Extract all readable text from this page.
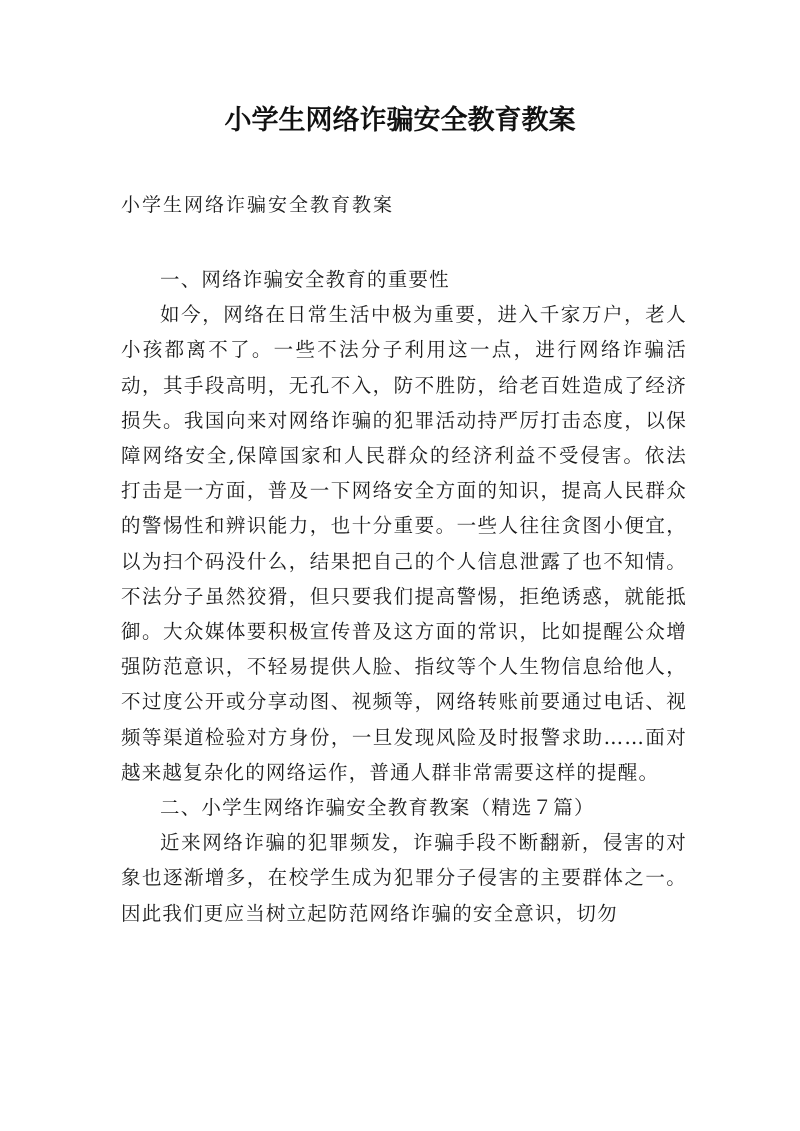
小学生网络诈骗安全教育教案
小学生网络诈骗安全教育教案

一、网络诈骗安全教育的重要性

如今，网络在日常生活中极为重要，进入千家万户，老人小孩都离不了。一些不法分子利用这一点，进行网络诈骗活动，其手段高明，无孔不入，防不胜防，给老百姓造成了经济损失。我国向来对网络诈骗的犯罪活动持严厉打击态度，以保障网络安全,保障国家和人民群众的经济利益不受侵害。依法打击是一方面，普及一下网络安全方面的知识，提高人民群众的警惕性和辨识能力，也十分重要。一些人往往贪图小便宜，以为扫个码没什么，结果把自己的个人信息泄露了也不知情。不法分子虽然狡猾，但只要我们提高警惕，拒绝诱惑，就能抵御。大众媒体要积极宣传普及这方面的常识，比如提醒公众增强防范意识，不轻易提供人脸、指纹等个人生物信息给他人，不过度公开或分享动图、视频等，网络转账前要通过电话、视频等渠道检验对方身份，一旦发现风险及时报警求助……面对越来越复杂化的网络运作，普通人群非常需要这样的提醒。

二、小学生网络诈骗安全教育教案（精选７篇）

近来网络诈骗的犯罪频发，诈骗手段不断翻新，侵害的对象也逐渐增多，在校学生成为犯罪分子侵害的主要群体之一。因此我们更应当树立起防范网络诈骗的安全意识，切勿
